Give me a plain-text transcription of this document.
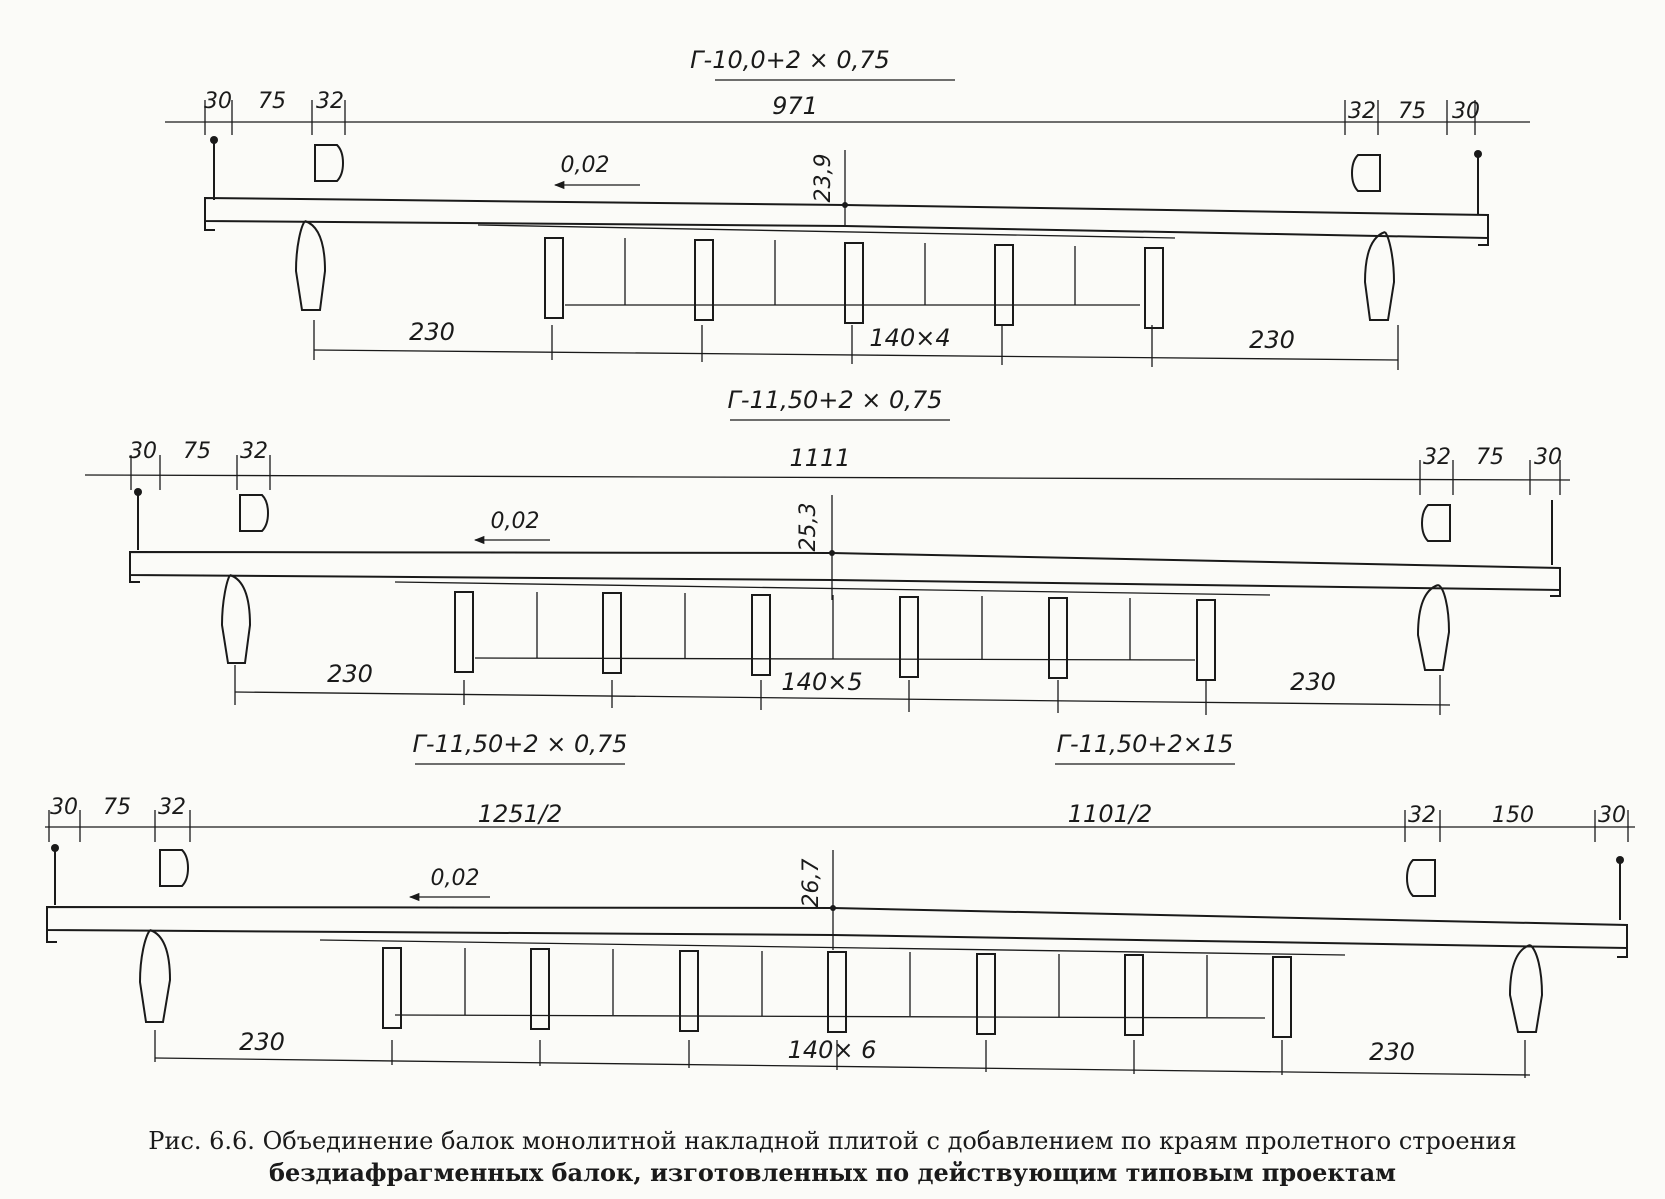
Г-10,0+2 × 0,75
30 75 32	971	32 75 30
0,02	23,9
230	140×4	230
Г-11,50+2 × 0,75
30 75 32	1111	32 75 30
0,02	25,3
230	140×5	230
Г-11,50+2 × 0,75	Г-11,50+2×15
30 75 32	1251/2	1101/2	32	150	30
0,02	26,7
230	140× 6	230
Рис. 6.6. Объединение балок монолитной накладной плитой с добавлением по краям пролетного строения
бездиафрагменных балок, изготовленных по действующим типовым проектам
